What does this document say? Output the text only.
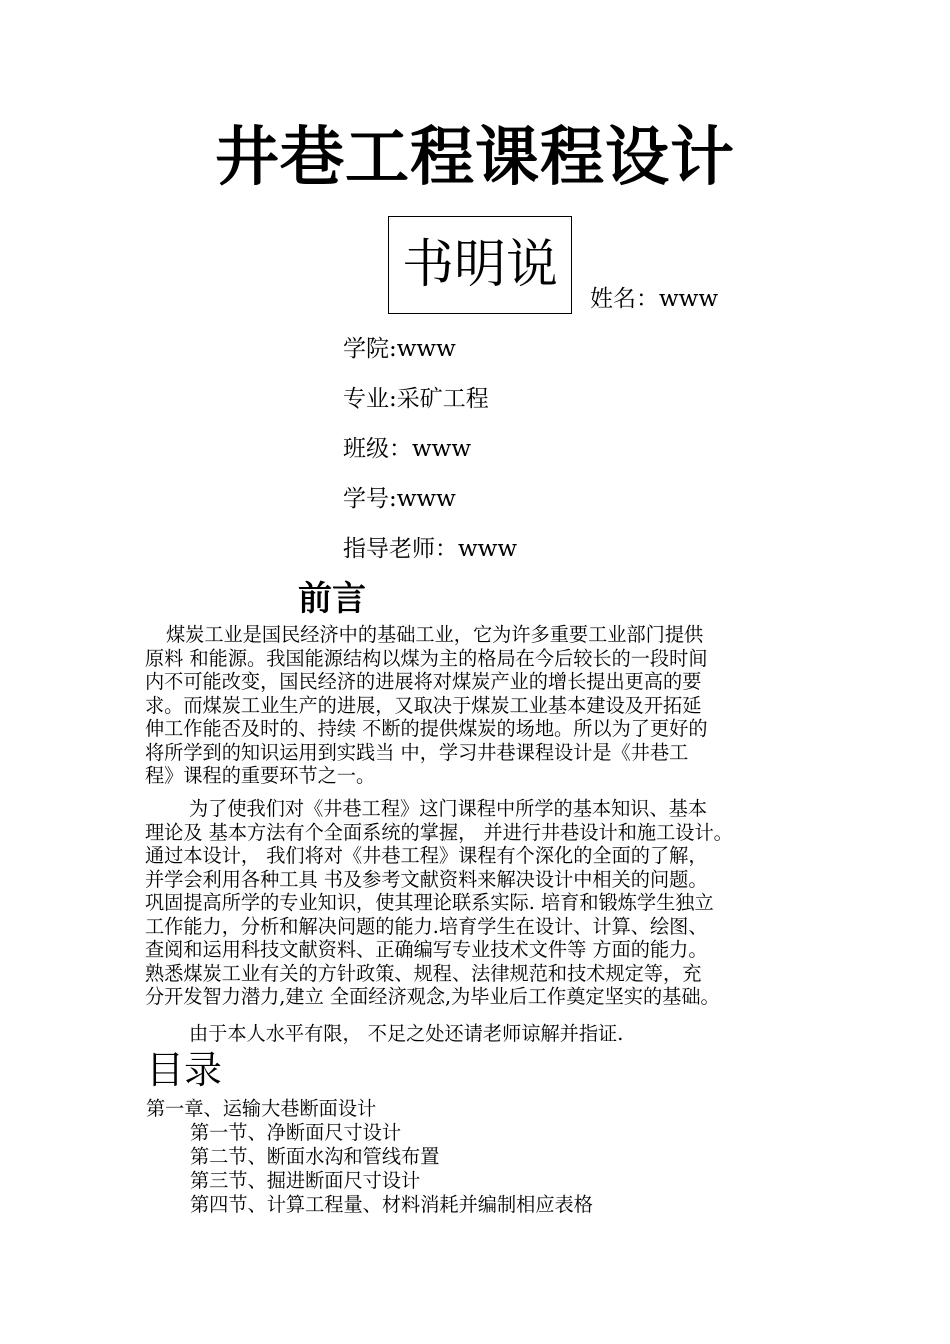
井巷工程课程设计
书明说
姓名：www
学院:www
专业:采矿工程
班级：www
学号:www
指导老师：www
前言
煤炭工业是国民经济中的基础工业，它为许多重要工业部门提供
原料 和能源。我国能源结构以煤为主的格局在今后较长的一段时间
内不可能改变，国民经济的进展将对煤炭产业的增长提出更高的要
求。而煤炭工业生产的进展，又取决于煤炭工业基本建设及开拓延
伸工作能否及时的、持续 不断的提供煤炭的场地。所以为了更好的
将所学到的知识运用到实践当 中，学习井巷课程设计是《井巷工
程》课程的重要环节之一。
为了使我们对《井巷工程》这门课程中所学的基本知识、基本
理论及 基本方法有个全面系统的掌握， 并进行井巷设计和施工设计。
通过本设计， 我们将对《井巷工程》课程有个深化的全面的了解，
并学会利用各种工具 书及参考文献资料来解决设计中相关的问题。
巩固提高所学的专业知识，使其理论联系实际. 培育和锻炼学生独立
工作能力，分析和解决问题的能力.培育学生在设计、计算、绘图、
查阅和运用科技文献资料、正确编写专业技术文件等 方面的能力。
熟悉煤炭工业有关的方针政策、规程、法律规范和技术规定等，充
分开发智力潜力,建立 全面经济观念,为毕业后工作奠定坚实的基础。
由于本人水平有限， 不足之处还请老师谅解并指证.
目录
第一章、运输大巷断面设计
第一节、净断面尺寸设计
第二节、断面水沟和管线布置
第三节、掘进断面尺寸设计
第四节、计算工程量、材料消耗并编制相应表格
